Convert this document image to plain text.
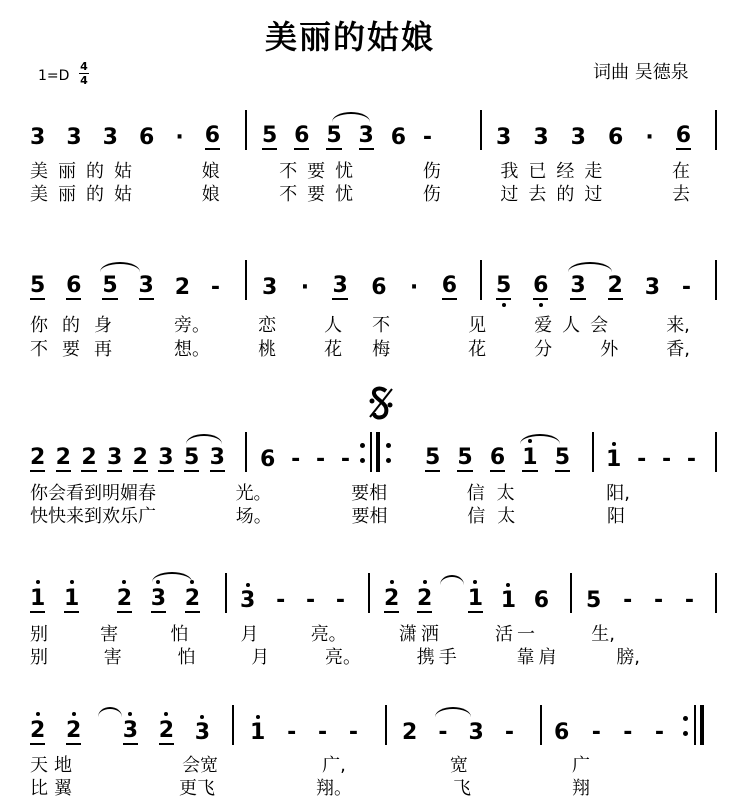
美丽的姑娘
词曲 吴德泉
1=D
4
4
3 3 3 6 · 6 5 6 5 3 6 -	3 3 3 6 · 6
美丽的姑	娘	不要忧	伤	我已经走	在
美丽的姑	娘	不要忧	伤	过去的过	去
5 6 5 3 2 - 3 · 3 6 · 6 5 6 3 2 3 -
你的身	旁。	恋	人不	见	爱人会	来,
不要再	想。	桃	花梅	花	分	外	香,
2 2 2 3 2 3 5 3 6 - - -	5 5 6 1 5 1 - - -
你会看到明媚春	光。	要相	信太	阳,
快快来到欢乐广	场。	要相	信太	阳
1 1 2 3 2 3 - - - 2 2 1 1 6 5 - - -
别	害	怕	月	亮。	潇洒	活一	生,
别	害	怕	月	亮。	携手	靠肩	膀,
2 2 3 2 3 1 - - - 2 - 3 - 6 - - -
天地	会宽	广,	宽	广
比翼	更飞	翔。	飞	翔
